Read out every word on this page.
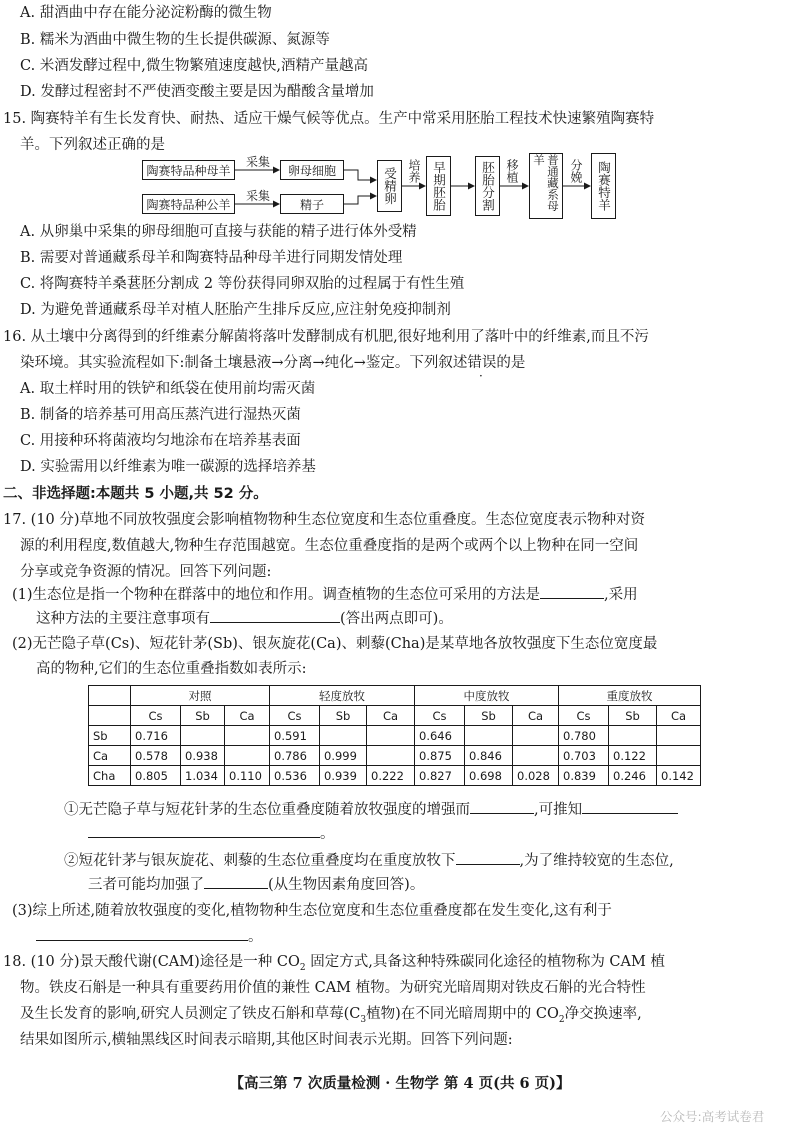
A. 甜酒曲中存在能分泌淀粉酶的微生物
B. 糯米为酒曲中微生物的生长提供碳源、氮源等
C. 米酒发酵过程中,微生物繁殖速度越快,酒精产量越高
D. 发酵过程密封不严使酒变酸主要是因为醋酸含量增加
15. 陶赛特羊有生长发育快、耐热、适应干燥气候等优点。生产中常采用胚胎工程技术快速繁殖陶赛特
羊。下列叙述正确的是
陶赛特品种母羊
陶赛特品种公羊
采集
采集
卵母细胞
精子	受精卵 培养 早期胚胎	胚胎分割 移植	普通藏系母羊	分娩	陶赛特羊
A. 从卵巢中采集的卵母细胞可直接与获能的精子进行体外受精
B. 需要对普通藏系母羊和陶赛特品种母羊进行同期发情处理
C. 将陶赛特羊桑葚胚分割成 2 等份获得同卵双胎的过程属于有性生殖
D. 为避免普通藏系母羊对植人胚胎产生排斥反应,应注射免疫抑制剂
16. 从土壤中分离得到的纤维素分解菌将落叶发酵制成有机肥,很好地利用了落叶中的纤维素,而且不污
染环境。其实验流程如下:制备土壤悬液→分离→纯化→鉴定。下列叙述错误的是
A. 取土样时用的铁铲和纸袋在使用前均需灭菌
B. 制备的培养基可用高压蒸汽进行湿热灭菌
C. 用接种环将菌液均匀地涂布在培养基表面
D. 实验需用以纤维素为唯一碳源的选择培养基
二、非选择题:本题共 5 小题,共 52 分。
17. (10 分)草地不同放牧强度会影响植物物种生态位宽度和生态位重叠度。生态位宽度表示物种对资
源的利用程度,数值越大,物种生存范围越宽。生态位重叠度指的是两个或两个以上物种在同一空间
分享或竞争资源的情况。回答下列问题:
(1)生态位是指一个物种在群落中的地位和作用。调查植物的生态位可采用的方法是	,采用
这种方法的主要注意事项有	(答出两点即可)。
(2)无芒隐子草(Cs)、短花针茅(Sb)、银灰旋花(Ca)、刺藜(Cha)是某草地各放牧强度下生态位宽度最
高的物种,它们的生态位重叠指数如表所示:
	对照			轻度放牧			中度放牧			重度放牧		
	Cs	Sb	Ca	Cs	Sb	Ca	Cs	Sb	Ca	Cs	Sb	Ca
Sb	0.716			0.591			0.646			0.780		
Ca	0.578	0.938		0.786	0.999		0.875	0.846		0.703	0.122	
Cha	0.805	1.034	0.110	0.536	0.939	0.222	0.827	0.698	0.028	0.839	0.246	0.142
①无芒隐子草与短花针茅的生态位重叠度随着放牧强度的增强而	,可推知
。
②短花针茅与银灰旋花、刺藜的生态位重叠度均在重度放牧下	,为了维持较宽的生态位,
三者可能均加强了	(从生物因素角度回答)。
(3)综上所述,随着放牧强度的变化,植物物种生态位宽度和生态位重叠度都在发生变化,这有利于
。
18. (10 分)景天酸代谢(CAM)途径是一种 $CO_2$ 固定方式,具备这种特殊碳同化途径的植物称为 CAM 植
物。铁皮石斛是一种具有重要药用价值的兼性 CAM 植物。为研究光暗周期对铁皮石斛的光合特性
及生长发育的影响,研究人员测定了铁皮石斛和草莓($C_3$植物)在不同光暗周期中的 $CO_2$净交换速率,
结果如图所示,横轴黑线区时间表示暗期,其他区时间表示光期。回答下列问题:
【高三第 7 次质量检测 · 生物学 第 4 页(共 6 页)】
公众号:高考试卷君
